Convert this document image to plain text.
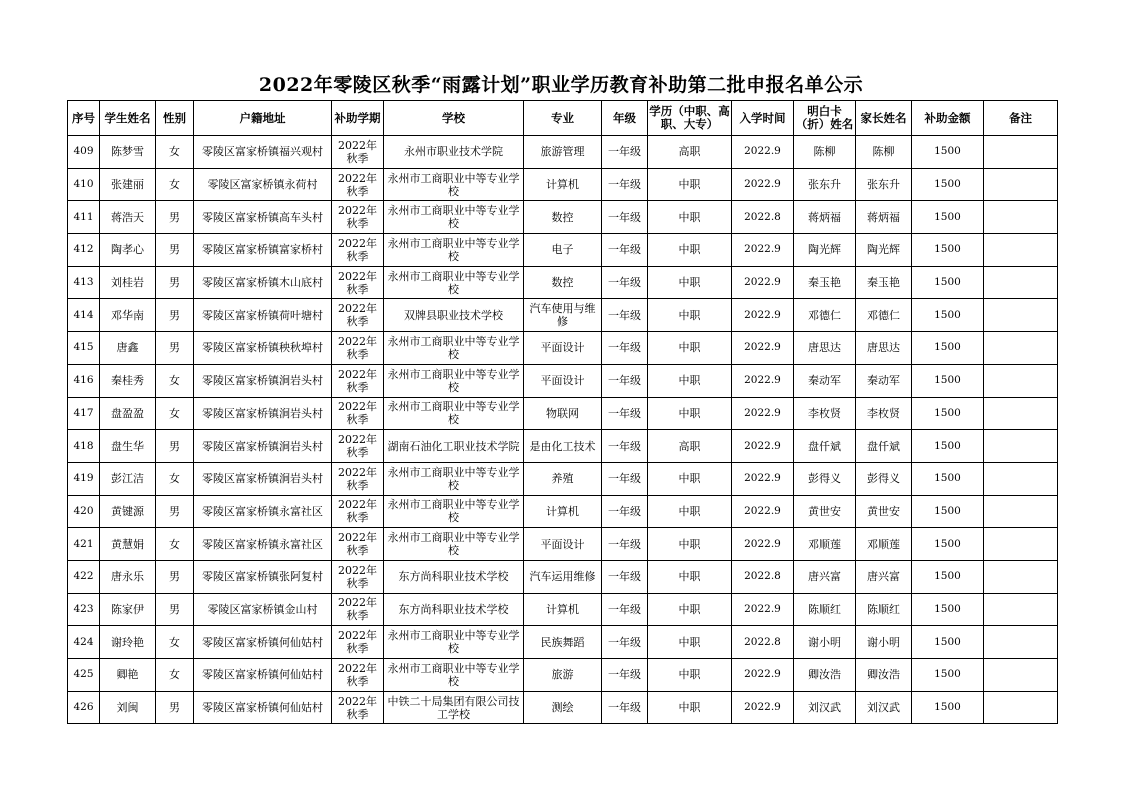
2022年零陵区秋季“雨露计划”职业学历教育补助第二批申报名单公示
序号	学生姓名	性别	户籍地址	补助学期	学校	专业	年级	学历（中职、高职、大专）	入学时间	明白卡（折）姓名	家长姓名	补助金额	备注
409	陈梦雪	女	零陵区富家桥镇福兴观村	2022年秋季	永州市职业技术学院	旅游管理	一年级	高职	2022.9	陈柳	陈柳	1500	
410	张建丽	女	零陵区富家桥镇永荷村	2022年秋季	永州市工商职业中等专业学校	计算机	一年级	中职	2022.9	张东升	张东升	1500	
411	蒋浩天	男	零陵区富家桥镇高车头村	2022年秋季	永州市工商职业中等专业学校	数控	一年级	中职	2022.8	蒋炳福	蒋炳福	1500	
412	陶孝心	男	零陵区富家桥镇富家桥村	2022年秋季	永州市工商职业中等专业学校	电子	一年级	中职	2022.9	陶光辉	陶光辉	1500	
413	刘桂岩	男	零陵区富家桥镇木山底村	2022年秋季	永州市工商职业中等专业学校	数控	一年级	中职	2022.9	秦玉艳	秦玉艳	1500	
414	邓华南	男	零陵区富家桥镇荷叶塘村	2022年秋季	双牌县职业技术学校	汽车使用与维修	一年级	中职	2022.9	邓德仁	邓德仁	1500	
415	唐鑫	男	零陵区富家桥镇秧秋埠村	2022年秋季	永州市工商职业中等专业学校	平面设计	一年级	中职	2022.9	唐思达	唐思达	1500	
416	秦桂秀	女	零陵区富家桥镇涧岩头村	2022年秋季	永州市工商职业中等专业学校	平面设计	一年级	中职	2022.9	秦动军	秦动军	1500	
417	盘盈盈	女	零陵区富家桥镇涧岩头村	2022年秋季	永州市工商职业中等专业学校	物联网	一年级	中职	2022.9	李枚贤	李枚贤	1500	
418	盘生华	男	零陵区富家桥镇涧岩头村	2022年秋季	湖南石油化工职业技术学院	是由化工技术	一年级	高职	2022.9	盘仟斌	盘仟斌	1500	
419	彭江洁	女	零陵区富家桥镇涧岩头村	2022年秋季	永州市工商职业中等专业学校	养殖	一年级	中职	2022.9	彭得义	彭得义	1500	
420	黄键源	男	零陵区富家桥镇永富社区	2022年秋季	永州市工商职业中等专业学校	计算机	一年级	中职	2022.9	黄世安	黄世安	1500	
421	黄慧娟	女	零陵区富家桥镇永富社区	2022年秋季	永州市工商职业中等专业学校	平面设计	一年级	中职	2022.9	邓顺莲	邓顺莲	1500	
422	唐永乐	男	零陵区富家桥镇张阿复村	2022年秋季	东方尚科职业技术学校	汽车运用维修	一年级	中职	2022.8	唐兴富	唐兴富	1500	
423	陈家伊	男	零陵区富家桥镇金山村	2022年秋季	东方尚科职业技术学校	计算机	一年级	中职	2022.9	陈顺红	陈顺红	1500	
424	谢玲艳	女	零陵区富家桥镇何仙姑村	2022年秋季	永州市工商职业中等专业学校	民族舞蹈	一年级	中职	2022.8	谢小明	谢小明	1500	
425	卿艳	女	零陵区富家桥镇何仙姑村	2022年秋季	永州市工商职业中等专业学校	旅游	一年级	中职	2022.9	卿汝浩	卿汝浩	1500	
426	刘闽	男	零陵区富家桥镇何仙姑村	2022年秋季	中铁二十局集团有限公司技工学校	测绘	一年级	中职	2022.9	刘汉武	刘汉武	1500	
